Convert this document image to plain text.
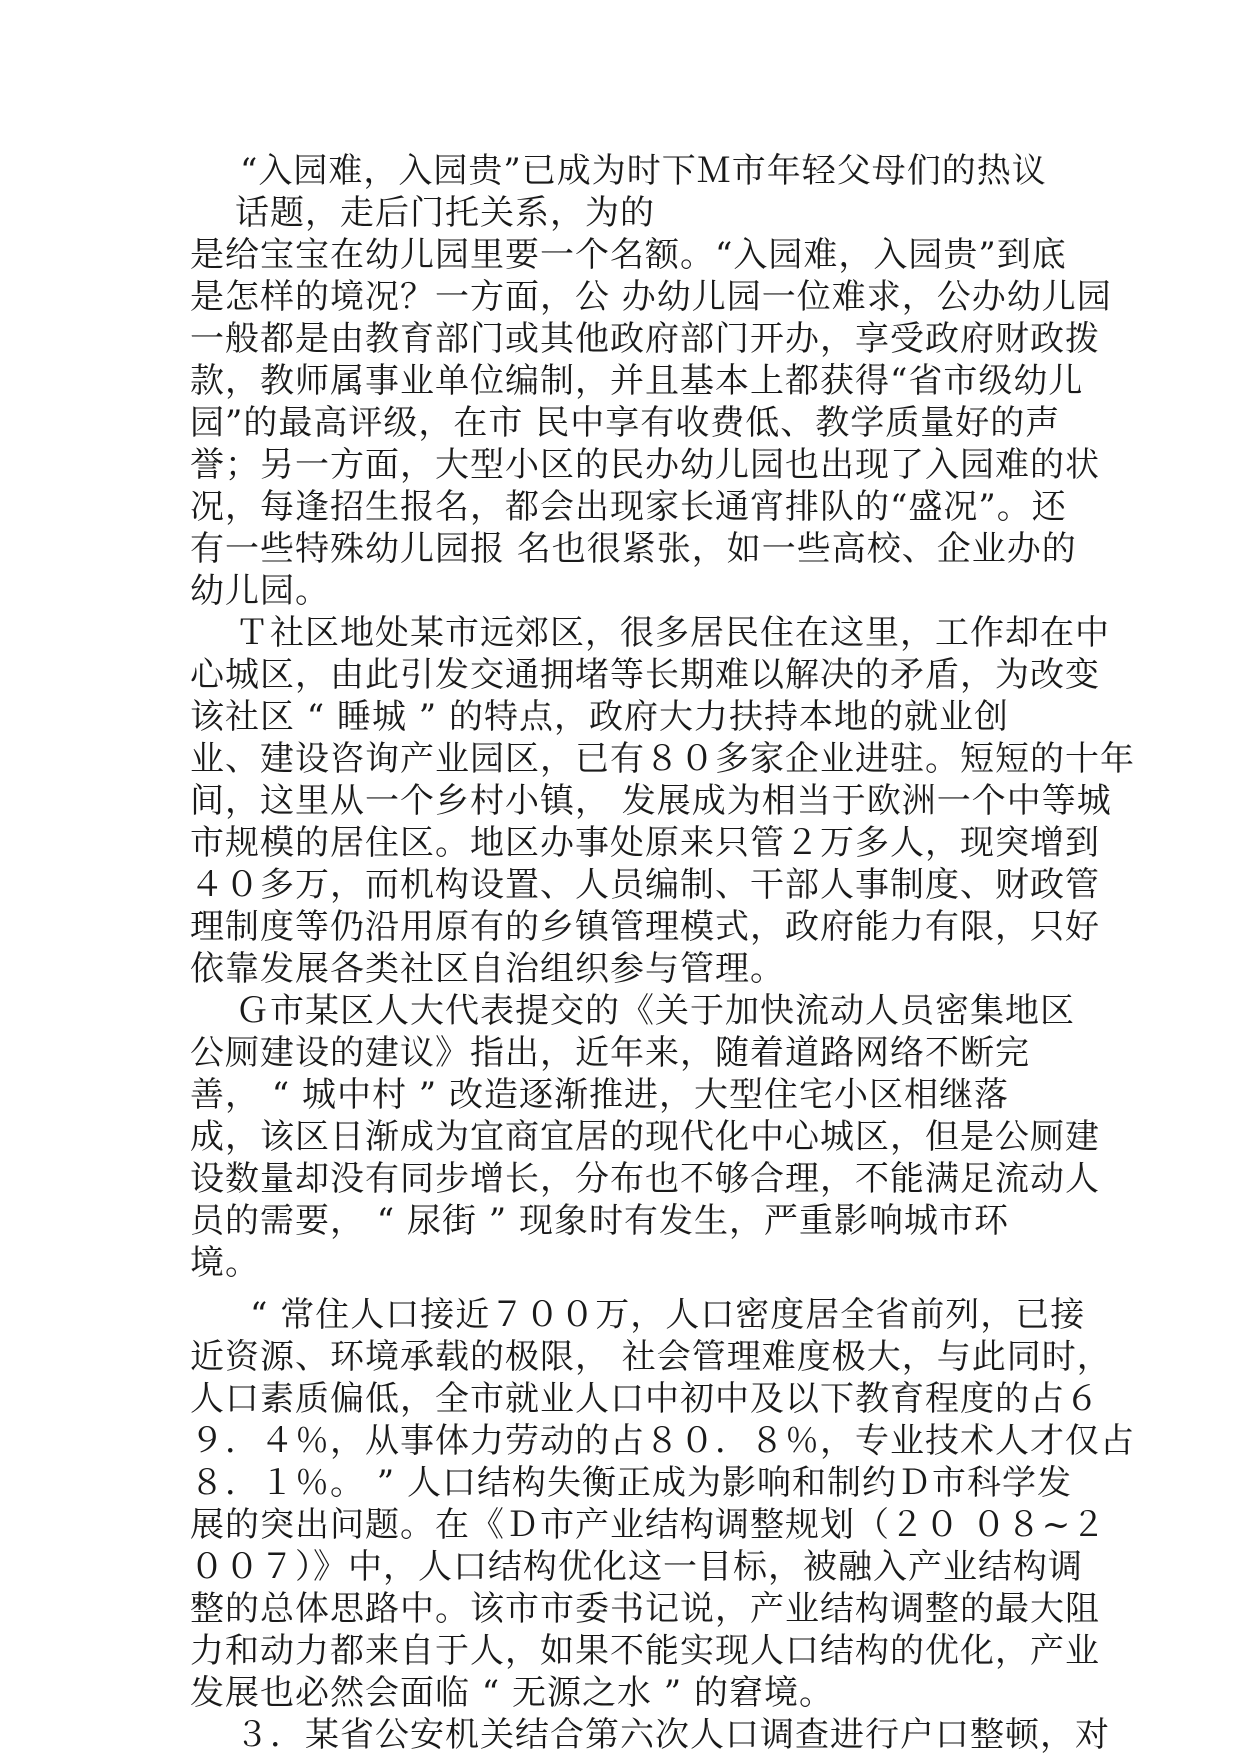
“入园难，入园贵”已成为时下Ｍ市年轻父母们的热议
话题，走后门托关系，为的
是给宝宝在幼儿园里要一个名额。“入园难，入园贵”到底
是怎样的境况？一方面，公 办幼儿园一位难求，公办幼儿园
一般都是由教育部门或其他政府部门开办，享受政府财政拨
款，教师属事业单位编制，并且基本上都获得“省市级幼儿
园”的最高评级，在市 民中享有收费低、教学质量好的声
誉；另一方面，大型小区的民办幼儿园也出现了入园难的状
况，每逢招生报名，都会出现家长通宵排队的“盛况”。还
有一些特殊幼儿园报 名也很紧张，如一些高校、企业办的
幼儿园。
Ｔ社区地处某市远郊区，很多居民住在这里，工作却在中
心城区，由此引发交通拥堵等长期难以解决的矛盾，为改变
该社区 “ 睡城 ” 的特点，政府大力扶持本地的就业创
业、建设咨询产业园区，已有８０多家企业进驻。短短的十年
间，这里从一个乡村小镇， 发展成为相当于欧洲一个中等城
市规模的居住区。地区办事处原来只管２万多人，现突增到
４０多万，而机构设置、人员编制、干部人事制度、财政管
理制度等仍沿用原有的乡镇管理模式，政府能力有限，只好
依靠发展各类社区自治组织参与管理。
Ｇ市某区人大代表提交的《关于加快流动人员密集地区
公厕建设的建议》指出，近年来，随着道路网络不断完
善， “ 城中村 ” 改造逐渐推进，大型住宅小区相继落
成，该区日渐成为宜商宜居的现代化中心城区，但是公厕建
设数量却没有同步增长，分布也不够合理，不能满足流动人
员的需要， “ 尿街 ” 现象时有发生，严重影响城市环
境。
“ 常住人口接近７００万，人口密度居全省前列，已接
近资源、环境承载的极限， 社会管理难度极大，与此同时，
人口素质偏低，全市就业人口中初中及以下教育程度的占６
９．４％，从事体力劳动的占８０．８％，专业技术人才仅占
８．１％。 ” 人口结构失衡正成为影响和制约Ｄ市科学发
展的突出问题。在《Ｄ市产业结构调整规划（２０ ０８~２
００７）》中，人口结构优化这一目标，被融入产业结构调
整的总体思路中。该市市委书记说，产业结构调整的最大阻
力和动力都来自于人，如果不能实现人口结构的优化，产业
发展也必然会面临 “ 无源之水 ” 的窘境。
３．某省公安机关结合第六次人口调查进行户口整顿，对
